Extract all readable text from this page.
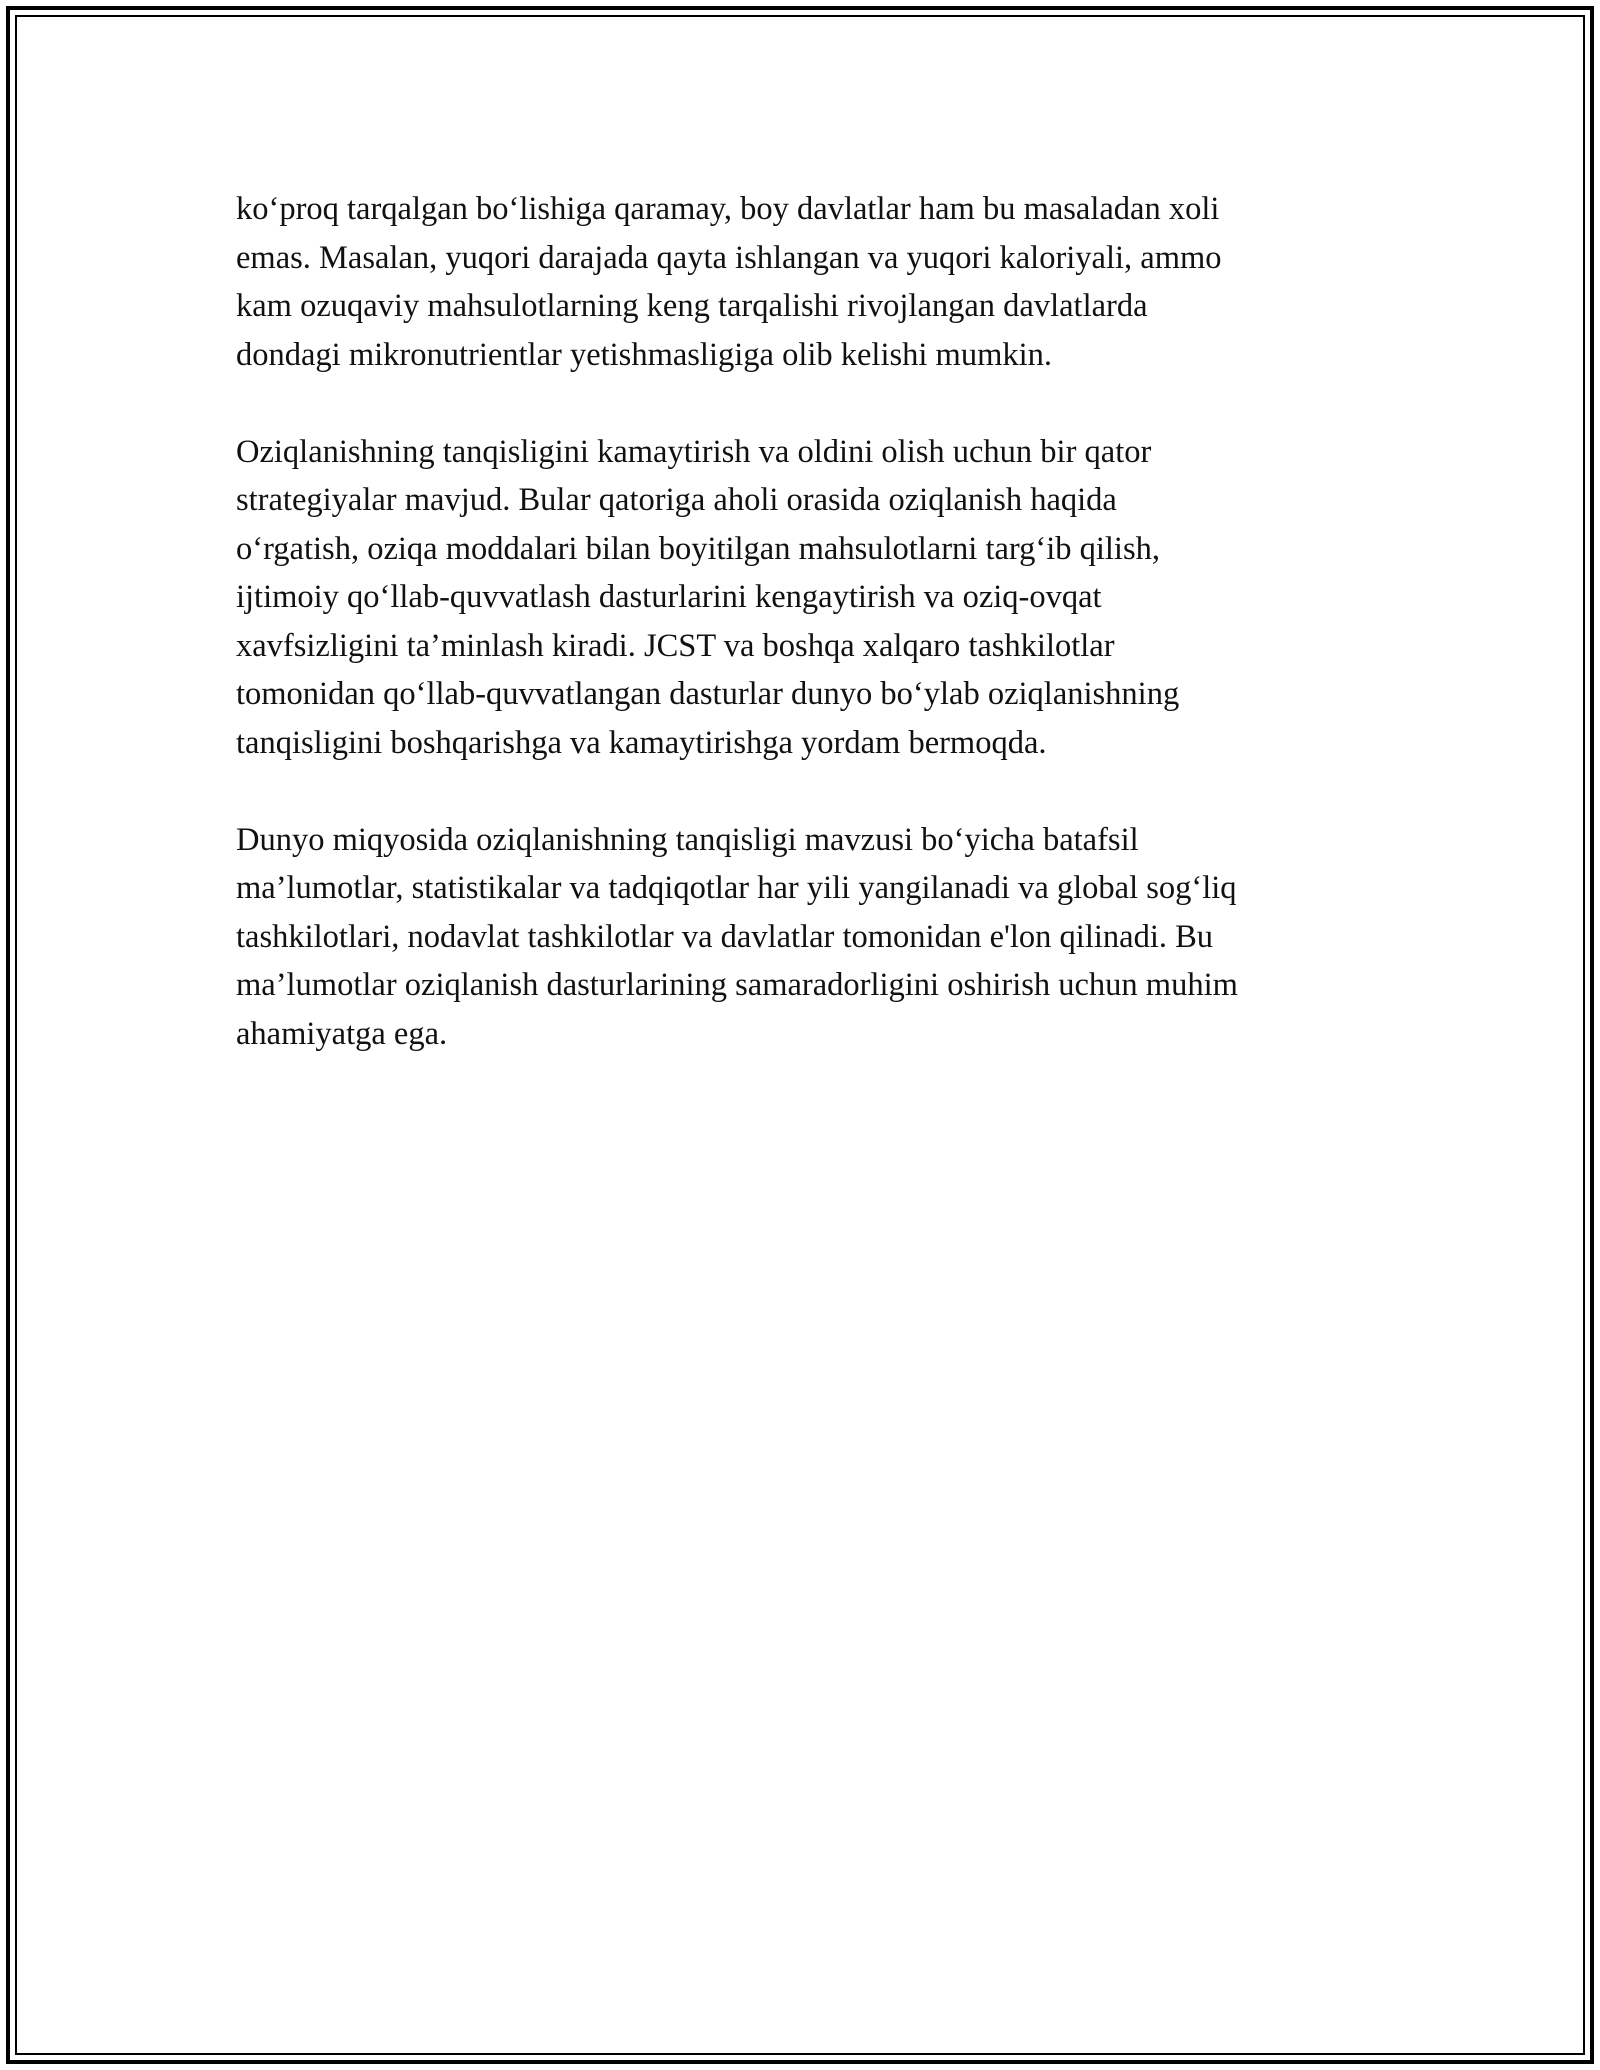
ko‘proq tarqalgan bo‘lishiga qaramay, boy davlatlar ham bu masaladan xoli
emas. Masalan, yuqori darajada qayta ishlangan va yuqori kaloriyali, ammo
kam ozuqaviy mahsulotlarning keng tarqalishi rivojlangan davlatlarda
dondagi mikronutrientlar yetishmasligiga olib kelishi mumkin.

Oziqlanishning tanqisligini kamaytirish va oldini olish uchun bir qator
strategiyalar mavjud. Bular qatoriga aholi orasida oziqlanish haqida
o‘rgatish, oziqa moddalari bilan boyitilgan mahsulotlarni targ‘ib qilish,
ijtimoiy qo‘llab-quvvatlash dasturlarini kengaytirish va oziq-ovqat
xavfsizligini ta’minlash kiradi. JCST va boshqa xalqaro tashkilotlar
tomonidan qo‘llab-quvvatlangan dasturlar dunyo bo‘ylab oziqlanishning
tanqisligini boshqarishga va kamaytirishga yordam bermoqda.

Dunyo miqyosida oziqlanishning tanqisligi mavzusi bo‘yicha batafsil
ma’lumotlar, statistikalar va tadqiqotlar har yili yangilanadi va global sog‘liq
tashkilotlari, nodavlat tashkilotlar va davlatlar tomonidan e'lon qilinadi. Bu
ma’lumotlar oziqlanish dasturlarining samaradorligini oshirish uchun muhim
ahamiyatga ega.
